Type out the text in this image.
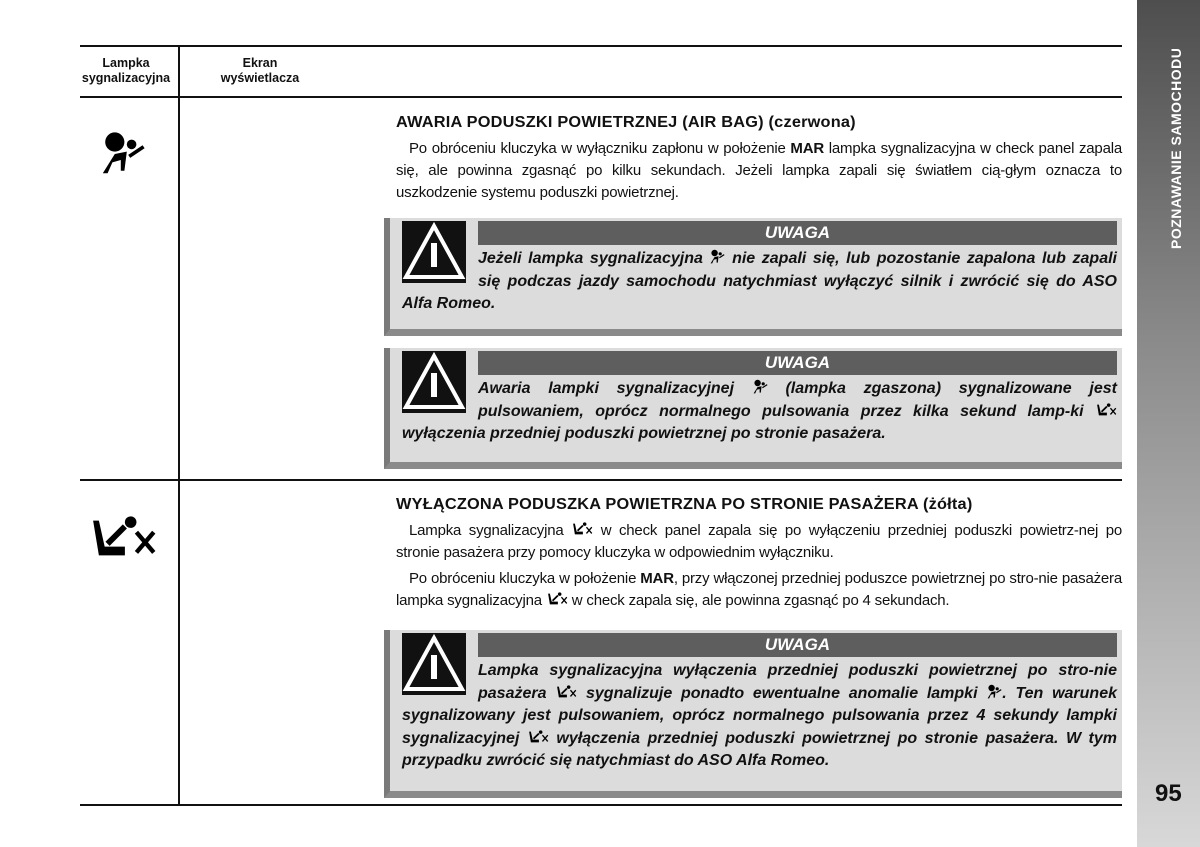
Lampka sygnalizacyjna
Ekran wyświetlacza	POZNAWANIE SAMOCHODU
95
AWARIA PODUSZKI POWIETRZNEJ (AIR BAG) (czerwona)

Po obróceniu kluczyka w wyłączniku zapłonu w położenie MAR lampka sygnalizacyjna w check panel zapala się, ale powinna zgasnąć po kilku sekundach. Jeżeli lampka zapali się światłem cią-głym oznacza to uszkodzenie systemu poduszki powietrznej.

UWAGA
Jeżeli lampka sygnalizacyjna  nie zapali się, lub pozostanie zapalona lub zapali się podczas jazdy samochodu natychmiast wyłączyć silnik i zwrócić się do ASO Alfa Romeo.
UWAGA
Awaria lampki sygnalizacyjnej  (lampka zgaszona) sygnalizowane jest pulsowaniem, oprócz normalnego pulsowania przez kilka sekund lamp-ki  wyłączenia przedniej poduszki powietrznej po stronie pasażera.
WYŁĄCZONA PODUSZKA POWIETRZNA PO STRONIE PASAŻERA (żółta)

Lampka sygnalizacyjna  w check panel zapala się po wyłączeniu przedniej poduszki powietrz-nej po stronie pasażera przy pomocy kluczyka w odpowiednim wyłączniku.

Po obróceniu kluczyka w położenie MAR, przy włączonej przedniej poduszce powietrznej po stro-nie pasażera lampka sygnalizacyjna  w check zapala się, ale powinna zgasnąć po 4 sekundach.

UWAGA
Lampka sygnalizacyjna wyłączenia przedniej poduszki powietrznej po stro-nie pasażera  sygnalizuje ponadto ewentualne anomalie lampki . Ten warunek sygnalizowany jest pulsowaniem, oprócz normalnego pulsowania przez 4 sekundy lampki sygnalizacyjnej  wyłączenia przedniej poduszki powietrznej po stronie pasażera. W tym przypadku zwrócić się natychmiast do ASO Alfa Romeo.
